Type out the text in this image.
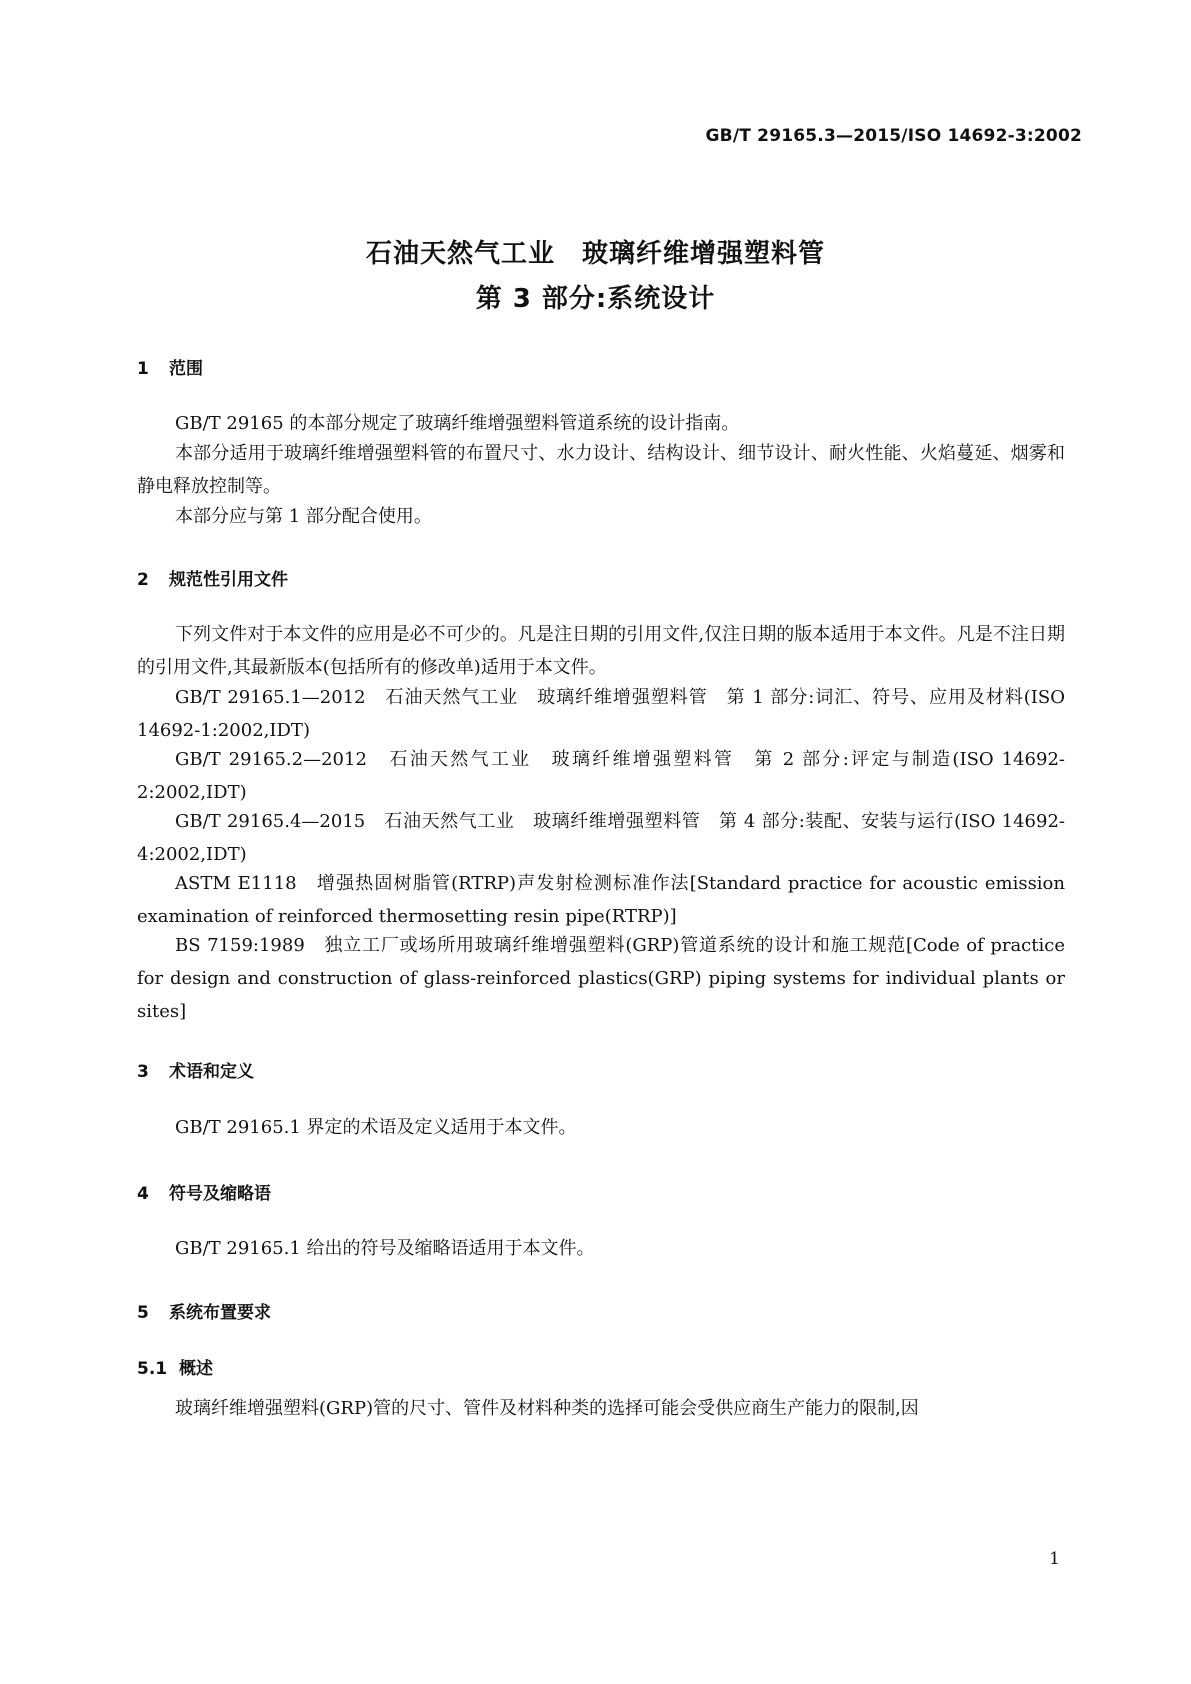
GB/T 29165.3—2015/ISO 14692-3:2002
石油天然气工业　玻璃纤维增强塑料管
第 3 部分:系统设计
1 范围

GB/T 29165 的本部分规定了玻璃纤维增强塑料管道系统的设计指南。

本部分适用于玻璃纤维增强塑料管的布置尺寸、水力设计、结构设计、细节设计、耐火性能、火焰蔓延、烟雾和静电释放控制等。

本部分应与第 1 部分配合使用。

2 规范性引用文件

下列文件对于本文件的应用是必不可少的。凡是注日期的引用文件,仅注日期的版本适用于本文件。凡是不注日期的引用文件,其最新版本(包括所有的修改单)适用于本文件。

GB/T 29165.1—2012　石油天然气工业　玻璃纤维增强塑料管　第 1 部分:词汇、符号、应用及材料(ISO 14692-1:2002,IDT)

GB/T 29165.2—2012　石油天然气工业　玻璃纤维增强塑料管　第 2 部分:评定与制造(ISO 14692-2:2002,IDT)

GB/T 29165.4—2015　石油天然气工业　玻璃纤维增强塑料管　第 4 部分:装配、安装与运行(ISO 14692-4:2002,IDT)

ASTM E1118　增强热固树脂管(RTRP)声发射检测标准作法[Standard practice for acoustic emission examination of reinforced thermosetting resin pipe(RTRP)]

BS 7159:1989　独立工厂或场所用玻璃纤维增强塑料(GRP)管道系统的设计和施工规范[Code of practice for design and construction of glass-reinforced plastics(GRP) piping systems for individual plants or sites]

3 术语和定义

GB/T 29165.1 界定的术语及定义适用于本文件。

4 符号及缩略语

GB/T 29165.1 给出的符号及缩略语适用于本文件。

5 系统布置要求
5.1 概述

玻璃纤维增强塑料(GRP)管的尺寸、管件及材料种类的选择可能会受供应商生产能力的限制,因

1
